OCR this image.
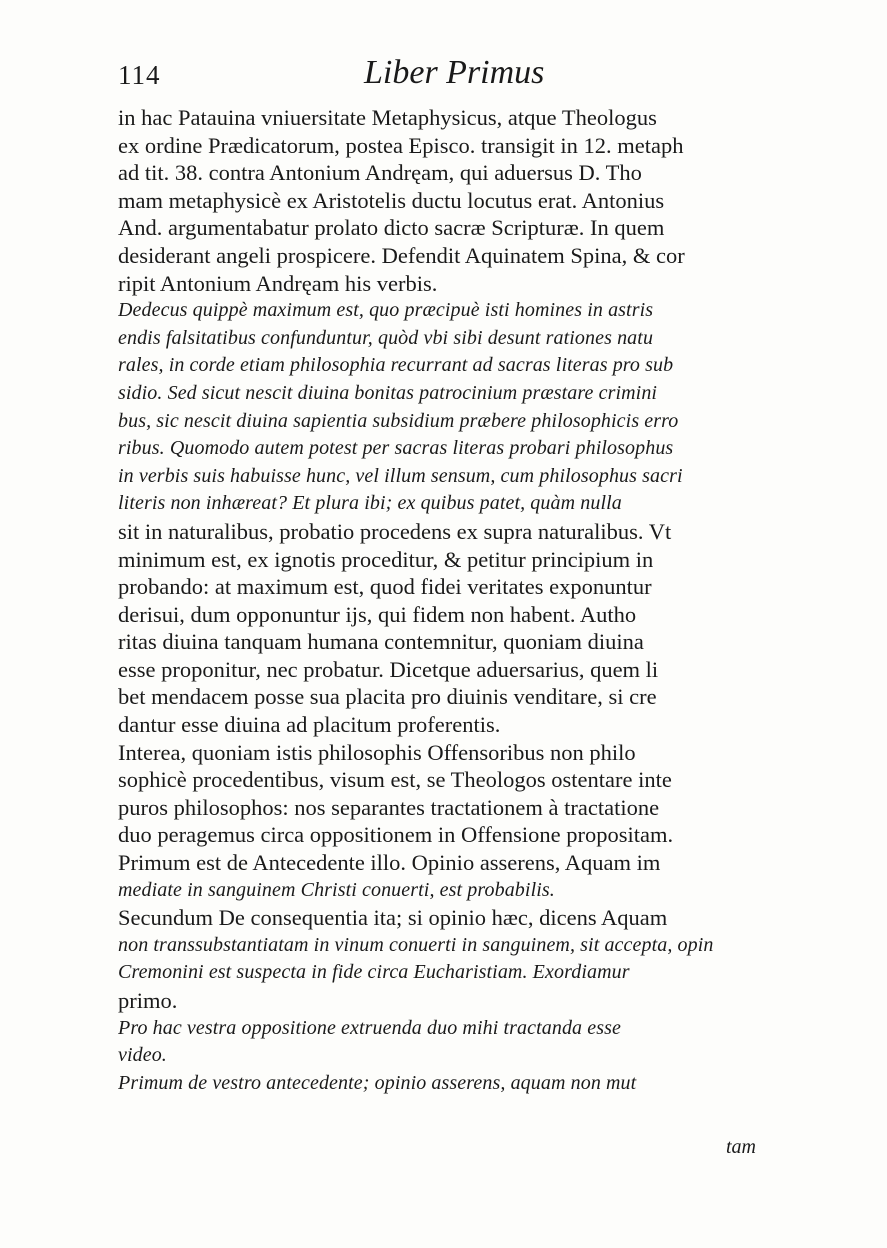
114	Liber Primus
in hac Patauina vniuersitate Metaphysicus, atque Theologus
ex ordine Prædicatorum, postea Episco. transigit in 12. metaph
ad tit. 38. contra Antonium Andręam, qui aduersus D. Tho
mam metaphysicè ex Aristotelis ductu locutus erat. Antonius
And. argumentabatur prolato dicto sacræ Scripturæ. In quem
desiderant angeli prospicere. Defendit Aquinatem Spina, & cor
ripit Antonium Andręam his verbis.
Dedecus quippè maximum est, quo præcipuè isti homines in astris
endis falsitatibus confunduntur, quòd vbi sibi desunt rationes natu
rales, in corde etiam philosophia recurrant ad sacras literas pro sub
sidio. Sed sicut nescit diuina bonitas patrocinium præstare crimini
bus, sic nescit diuina sapientia subsidium præbere philosophicis erro
ribus. Quomodo autem potest per sacras literas probari philosophus
in verbis suis habuisse hunc, vel illum sensum, cum philosophus sacri
literis non inhæreat? Et plura ibi; ex quibus patet, quàm nulla
sit in naturalibus, probatio procedens ex supra naturalibus. Vt
minimum est, ex ignotis proceditur, & petitur principium in
probando: at maximum est, quod fidei veritates exponuntur
derisui, dum opponuntur ijs, qui fidem non habent. Autho
ritas diuina tanquam humana contemnitur, quoniam diuina
esse proponitur, nec probatur. Dicetque aduersarius, quem li
bet mendacem posse sua placita pro diuinis venditare, si cre
dantur esse diuina ad placitum proferentis.
Interea, quoniam istis philosophis Offensoribus non philo
sophicè procedentibus, visum est, se Theologos ostentare inte
puros philosophos: nos separantes tractationem à tractatione
duo peragemus circa oppositionem in Offensione propositam.
Primum est de Antecedente illo. Opinio asserens, Aquam im
mediate in sanguinem Christi conuerti, est probabilis.
Secundum De consequentia ita; si opinio hæc, dicens Aquam
non transsubstantiatam in vinum conuerti in sanguinem, sit accepta, opin
Cremonini est suspecta in fide circa Eucharistiam. Exordiamur
primo.
Pro hac vestra oppositione extruenda duo mihi tractanda esse
video.
Primum de vestro antecedente; opinio asserens, aquam non mut
tam
